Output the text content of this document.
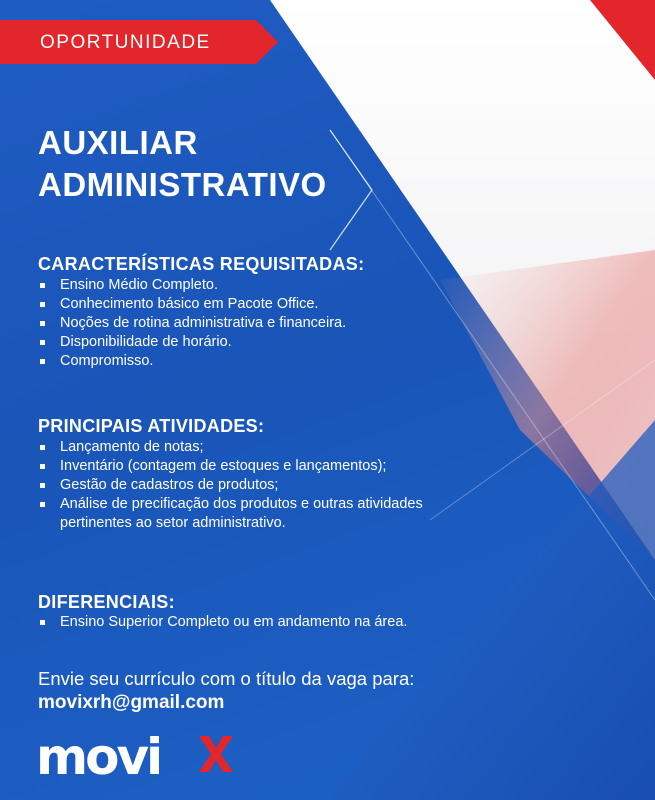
OPORTUNIDADE
AUXILIAR
ADMINISTRATIVO
CARACTERÍSTICAS REQUISITADAS:
Ensino Médio Completo.
Conhecimento básico em Pacote Office.
Noções de rotina administrativa e financeira.
Disponibilidade de horário.
Compromisso.
PRINCIPAIS ATIVIDADES:
Lançamento de notas;
Inventário (contagem de estoques e lançamentos);
Gestão de cadastros de produtos;
Análise de precificação dos produtos e outras atividades pertinentes ao setor administrativo.
DIFERENCIAIS:
Ensino Superior Completo ou em andamento na área.
Envie seu currículo com o título da vaga para:
movixrh@gmail.com
movi
